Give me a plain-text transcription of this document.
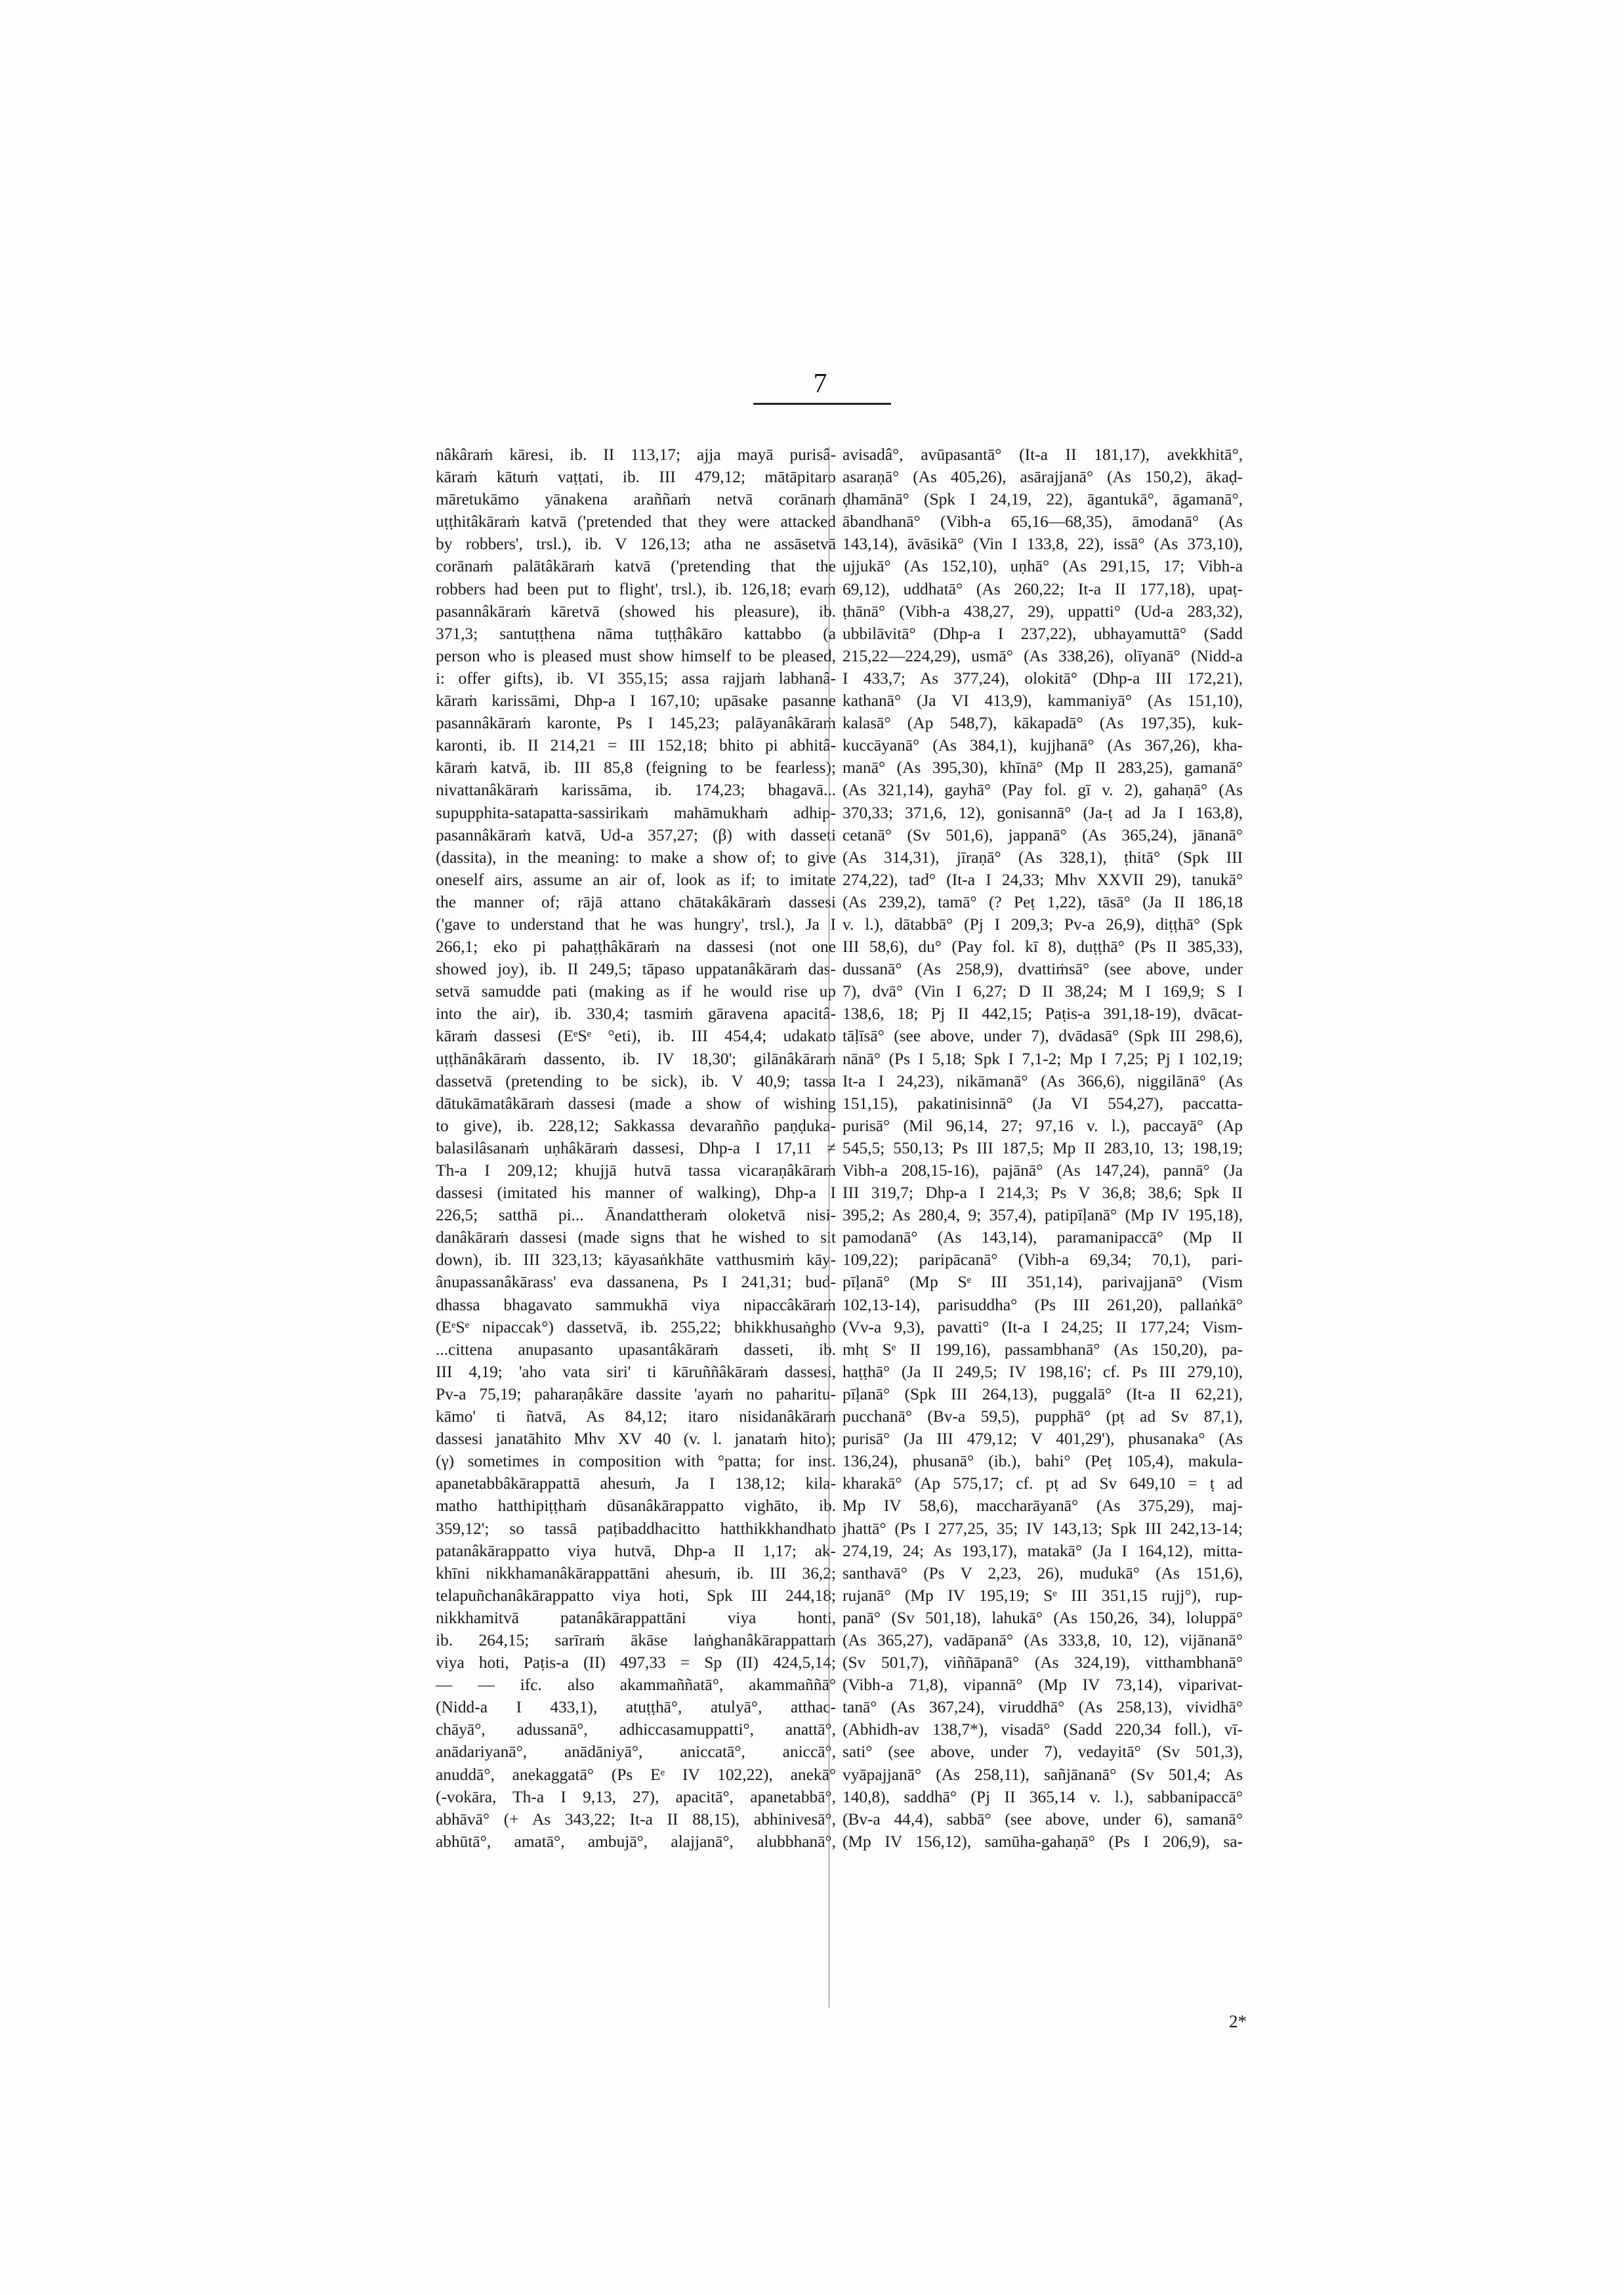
7
nâkâraṁ kāresi, ib. II 113,17; ajja mayā purisâ-
kāraṁ kātuṁ vaṭṭati, ib. III 479,12; mātāpitaro
māretukāmo yānakena araññaṁ netvā corānaṁ
uṭṭhitâkāraṁ katvā ('pretended that they were attacked
by robbers', trsl.), ib. V 126,13; atha ne assāsetvā
corānaṁ palātâkāraṁ katvā ('pretending that the
robbers had been put to flight', trsl.), ib. 126,18; evaṁ
pasannâkāraṁ kāretvā (showed his pleasure), ib.
371,3; santuṭṭhena nāma tuṭṭhâkāro kattabbo (a
person who is pleased must show himself to be pleased,
i: offer gifts), ib. VI 355,15; assa rajjaṁ labhanâ-
kāraṁ karissāmi, Dhp-a I 167,10; upāsake pasanne
pasannâkāraṁ karonte, Ps I 145,23; palāyanâkāraṁ
karonti, ib. II 214,21 = III 152,18; bhito pi abhitâ-
kāraṁ katvā, ib. III 85,8 (feigning to be fearless);
nivattanâkāraṁ karissāma, ib. 174,23; bhagavā...
supupphita-satapatta-sassirikaṁ mahāmukhaṁ adhip-
pasannâkāraṁ katvā, Ud-a 357,27; (β) with dasseti
(dassita), in the meaning: to make a show of; to give
oneself airs, assume an air of, look as if; to imitate
the manner of; rājā attano chātakâkāraṁ dassesi
('gave to understand that he was hungry', trsl.), Ja I
266,1; eko pi pahaṭṭhâkāraṁ na dassesi (not one
showed joy), ib. II 249,5; tāpaso uppatanâkāraṁ das-
setvā samudde pati (making as if he would rise up
into the air), ib. 330,4; tasmiṁ gāravena apacitâ-
kāraṁ dassesi (EᵉSᵉ °eti), ib. III 454,4; udakato
uṭṭhānâkāraṁ dassento, ib. IV 18,30'; gilānâkāraṁ
dassetvā (pretending to be sick), ib. V 40,9; tassa
dātukāmatâkāraṁ dassesi (made a show of wishing
to give), ib. 228,12; Sakkassa devaraññо paṇḍuka-
balasilâsanaṁ uṇhâkāraṁ dassesi, Dhp-a I 17,11 ≠
Th-a I 209,12; khujjā hutvā tassa vicaraṇâkāraṁ
dassesi (imitated his manner of walking), Dhp-a I
226,5; satthā pi... Ānandattheraṁ oloketvā nisi-
danâkāraṁ dassesi (made signs that he wished to sit
down), ib. III 323,13; kāyasaṅkhāte vatthusmiṁ kāy-
ânupassanâkārass' eva dassanena, Ps I 241,31; bud-
dhassa bhagavato sammukhā viya nipaccâkāraṁ
(EᵉSᵉ nipaccak°) dassetvā, ib. 255,22; bhikkhusaṅgho
...cittena anupasanto upasantâkāraṁ dasseti, ib.
III 4,19; 'aho vata siri' ti kāruññâkāraṁ dassesi,
Pv-a 75,19; paharaṇâkāre dassite 'ayaṁ no paharitu-
kāmo' ti ñatvā, As 84,12; itaro nisidanâkāraṁ
dassesi janatāhito Mhv XV 40 (v. l. janataṁ hito);
(γ) sometimes in composition with °patta; for inst.
apanetabbâkārappattā ahesuṁ, Ja I 138,12; kila-
matho hatthipiṭṭhaṁ dūsanâkārappatto vighāto, ib.
359,12'; so tassā paṭibaddhacitto hatthikkhandhato
patanâkārappatto viya hutvā, Dhp-a II 1,17; ak-
khīni nikkhamanâkārappattāni ahesuṁ, ib. III 36,2;
telapuñchanâkārappatto viya hoti, Spk III 244,18;
nikkhamitvā patanâkārappattāni viya honti,
ib. 264,15; sarīraṁ ākāse laṅghanâkārappattaṁ
viya hoti, Paṭis-a (II) 497,33 = Sp (II) 424,5,14;
— — ifc. also akammaññatā°, akammaññā°
(Nidd-a I 433,1), atuṭṭhā°, atulyā°, atthac-
chāyā°, adussanā°, adhiccasamuppatti°, anattā°,
anādariyanā°, anādāniyā°, aniccatā°, aniccā°,
anuddā°, anekaggatā° (Ps Eᵉ IV 102,22), anekā°
(-vokāra, Th-a I 9,13, 27), apacitā°, apanetabbā°,
abhāvā° (+ As 343,22; It-a II 88,15), abhinivesā°,
abhūtā°, amatā°, ambujā°, alajjanā°, alubbhanā°,
avisadâ°, avūpasantā° (It-a II 181,17), avekkhitā°,
asaraṇā° (As 405,26), asārajjanā° (As 150,2), ākaḍ-
ḍhamānā° (Spk I 24,19, 22), āgantukā°, āgamanā°,
ābandhanā° (Vibh-a 65,16—68,35), āmodanā° (As
143,14), āvāsikā° (Vin I 133,8, 22), issā° (As 373,10),
ujjukā° (As 152,10), uṇhā° (As 291,15, 17; Vibh-a
69,12), uddhatā° (As 260,22; It-a II 177,18), upaṭ-
ṭhānā° (Vibh-a 438,27, 29), uppatti° (Ud-a 283,32),
ubbilāvitā° (Dhp-a I 237,22), ubhayamuttā° (Sadd
215,22—224,29), usmā° (As 338,26), olīyanā° (Nidd-a
I 433,7; As 377,24), olokitā° (Dhp-a III 172,21),
kathanā° (Ja VI 413,9), kammaniyā° (As 151,10),
kalasā° (Ap 548,7), kākapadā° (As 197,35), kuk-
kuccāyanā° (As 384,1), kujjhanā° (As 367,26), kha-
manā° (As 395,30), khīnā° (Mp II 283,25), gamanā°
(As 321,14), gayhā° (Pay fol. gī v. 2), gahaṇā° (As
370,33; 371,6, 12), gonisannā° (Ja-ṭ ad Ja I 163,8),
cetanā° (Sv 501,6), jappanā° (As 365,24), jānanā°
(As 314,31), jīraṇā° (As 328,1), ṭhitā° (Spk III
274,22), tad° (It-a I 24,33; Mhv XXVII 29), tanukā°
(As 239,2), tamā° (? Peṭ 1,22), tāsā° (Ja II 186,18
v. l.), dātabbā° (Pj I 209,3; Pv-a 26,9), diṭṭhā° (Spk
III 58,6), du° (Pay fol. kī 8), duṭṭhā° (Ps II 385,33),
dussanā° (As 258,9), dvattiṁsā° (see above, under
7), dvā° (Vin I 6,27; D II 38,24; M I 169,9; S I
138,6, 18; Pj II 442,15; Paṭis-a 391,18-19), dvācat-
tāḷīsā° (see above, under 7), dvādasā° (Spk III 298,6),
nānā° (Ps I 5,18; Spk I 7,1-2; Mp I 7,25; Pj I 102,19;
It-a I 24,23), nikāmanā° (As 366,6), niggilānā° (As
151,15), pakatinisinnā° (Ja VI 554,27), paccatta-
purisā° (Mil 96,14, 27; 97,16 v. l.), paccayā° (Ap
545,5; 550,13; Ps III 187,5; Mp II 283,10, 13; 198,19;
Vibh-a 208,15-16), pajānā° (As 147,24), pannā° (Ja
III 319,7; Dhp-a I 214,3; Ps V 36,8; 38,6; Spk II
395,2; As 280,4, 9; 357,4), patipīḷanā° (Mp IV 195,18),
pamodanā° (As 143,14), paramanipaccā° (Mp II
109,22); paripācanā° (Vibh-a 69,34; 70,1), pari-
pīḷanā° (Mp Sᵉ III 351,14), parivajjanā° (Vism
102,13-14), parisuddha° (Ps III 261,20), pallaṅkā°
(Vv-a 9,3), pavatti° (It-a I 24,25; II 177,24; Vism-
mhṭ Sᵉ II 199,16), passambhanā° (As 150,20), pa-
haṭṭhā° (Ja II 249,5; IV 198,16'; cf. Ps III 279,10),
pīḷanā° (Spk III 264,13), puggalā° (It-a II 62,21),
pucchanā° (Bv-a 59,5), pupphā° (pṭ ad Sv 87,1),
purisā° (Ja III 479,12; V 401,29'), phusanaka° (As
136,24), phusanā° (ib.), bahi° (Peṭ 105,4), makula-
kharakā° (Ap 575,17; cf. pṭ ad Sv 649,10 = ṭ ad
Mp IV 58,6), maccharāyanā° (As 375,29), maj-
jhattā° (Ps I 277,25, 35; IV 143,13; Spk III 242,13-14;
274,19, 24; As 193,17), matakā° (Ja I 164,12), mitta-
santhavā° (Ps V 2,23, 26), mudukā° (As 151,6),
rujanā° (Mp IV 195,19; Sᵉ III 351,15 rujj°), rup-
panā° (Sv 501,18), lahukā° (As 150,26, 34), loluppā°
(As 365,27), vadāpanā° (As 333,8, 10, 12), vijānanā°
(Sv 501,7), viññāpanā° (As 324,19), vitthambhanā°
(Vibh-a 71,8), vipannā° (Mp IV 73,14), viparivat-
tanā° (As 367,24), viruddhā° (As 258,13), vividhā°
(Abhidh-av 138,7*), visadā° (Sadd 220,34 foll.), vī-
sati° (see above, under 7), vedayitā° (Sv 501,3),
vyāpajjanā° (As 258,11), sañjānanā° (Sv 501,4; As
140,8), saddhā° (Pj II 365,14 v. l.), sabbanipaccā°
(Bv-a 44,4), sabbā° (see above, under 6), samanā°
(Mp IV 156,12), samūha-gahaṇā° (Ps I 206,9), sa-
2*
